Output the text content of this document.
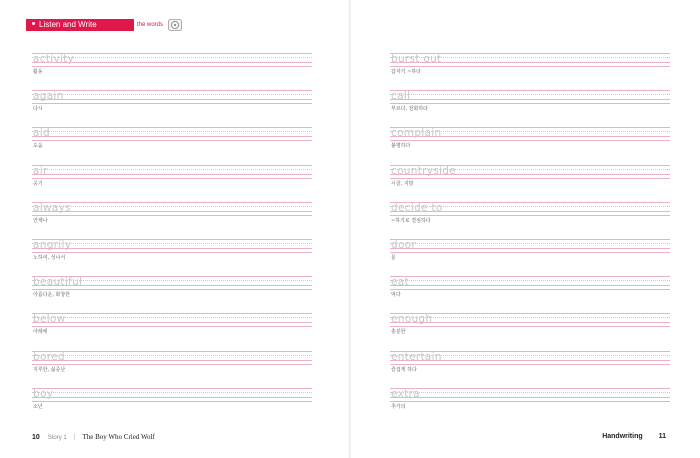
Listen and Write	the words
activity
활동
again
다시
aid
도움
air
공기
always
언제나
angrily
노하여, 성나서
beautiful
아름다운, 화창한
below
아래에
bored
지루한, 싫증난
boy
소년
burst out
갑자기 ~하다
call
부르다, 전화하다
complain
불평하다
countryside
시골, 지방
decide to
~하기로 결심하다
door
문
eat
먹다
enough
충분한
entertain
즐겁게 하다
extra
추가의
10 Story 1 | The Boy Who Cried Wolf	Handwriting 11
